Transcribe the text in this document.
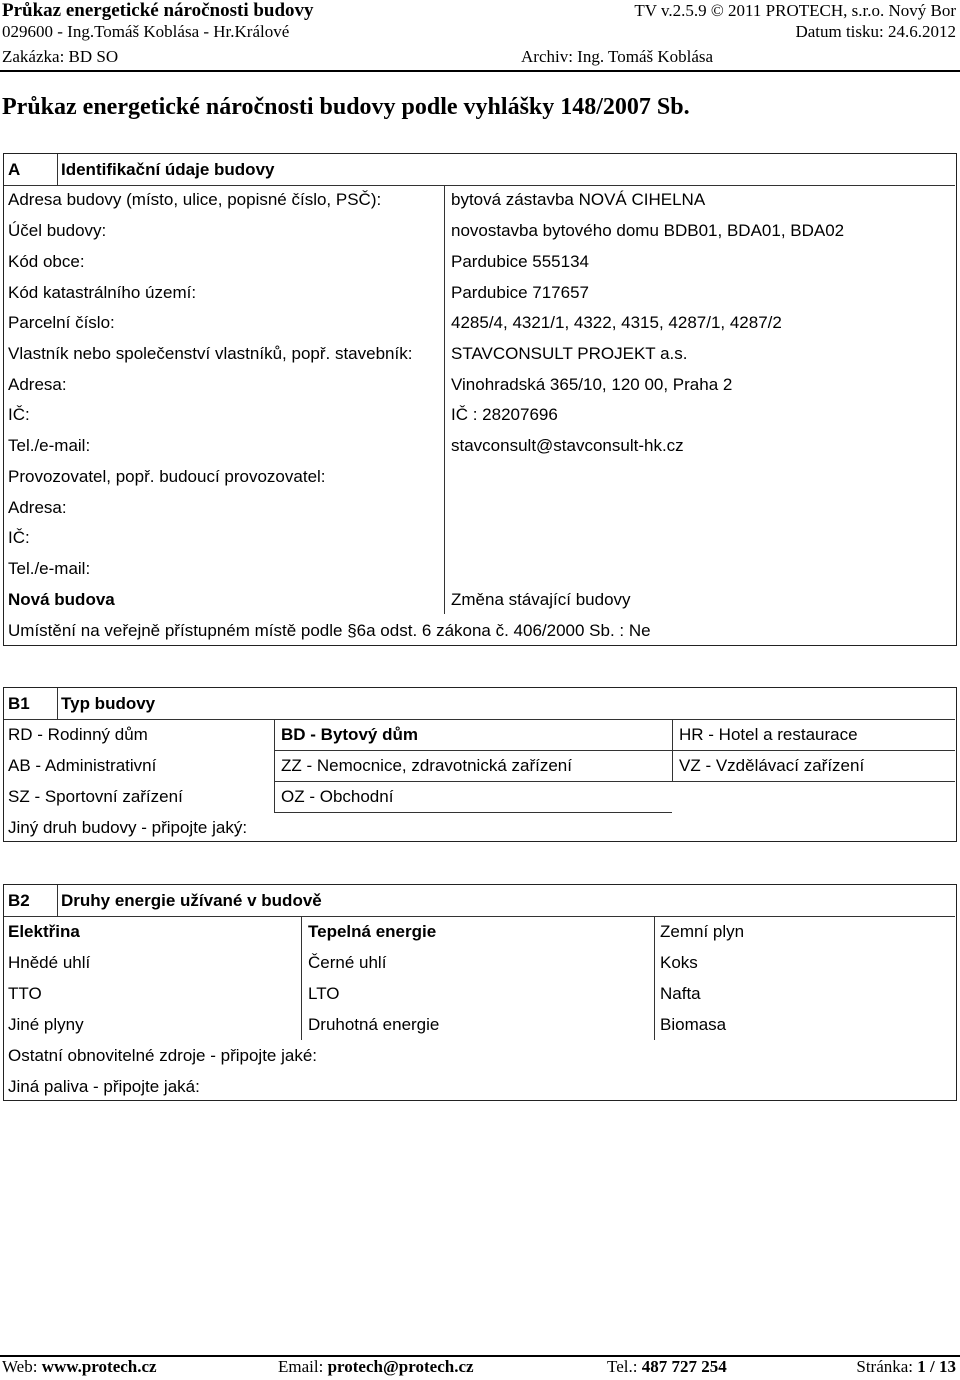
Průkaz energetické náročnosti budovy
029600 - Ing.Tomáš Koblása - Hr.Králové
Zakázka: BD SO
TV v.2.5.9 © 2011 PROTECH, s.r.o. Nový Bor
Datum tisku: 24.6.2012
Archiv: Ing. Tomáš Koblása
Průkaz energetické náročnosti budovy podle vyhlášky 148/2007 Sb.
A Identifikační údaje budovy
Adresa budovy (místo, ulice, popisné číslo, PSČ):	bytová zástavba NOVÁ CIHELNA
Účel budovy:	novostavba bytového domu BDB01, BDA01, BDA02
Kód obce:	Pardubice 555134
Kód katastrálního území:	Pardubice 717657
Parcelní číslo:	4285/4, 4321/1, 4322, 4315, 4287/1, 4287/2
Vlastník nebo společenství vlastníků, popř. stavebník: STAVCONSULT PROJEKT a.s.
Adresa:	Vinohradská 365/10, 120 00, Praha 2
IČ:	IČ : 28207696
Tel./e-mail:	stavconsult@stavconsult-hk.cz
Provozovatel, popř. budoucí provozovatel:
Adresa:
IČ:
Tel./e-mail:
Nová budova	Změna stávající budovy
Umístění na veřejně přístupném místě podle §6a odst. 6 zákona č. 406/2000 Sb. : Ne
B1 Typ budovy
RD - Rodinný dům	BD - Bytový dům	HR - Hotel a restaurace
AB - Administrativní	ZZ - Nemocnice, zdravotnická zařízení	VZ - Vzdělávací zařízení
SZ - Sportovní zařízení	OZ - Obchodní
Jiný druh budovy - připojte jaký:
B2 Druhy energie užívané v budově
Elektřina	Tepelná energie	Zemní plyn
Hnědé uhlí	Černé uhlí	Koks
TTO	LTO	Nafta
Jiné plyny	Druhotná energie	Biomasa
Ostatní obnovitelné zdroje - připojte jaké:
Jiná paliva - připojte jaká:
Web: www.protech.cz	Email: protech@protech.cz	Tel.: 487 727 254	Stránka: 1 / 13
